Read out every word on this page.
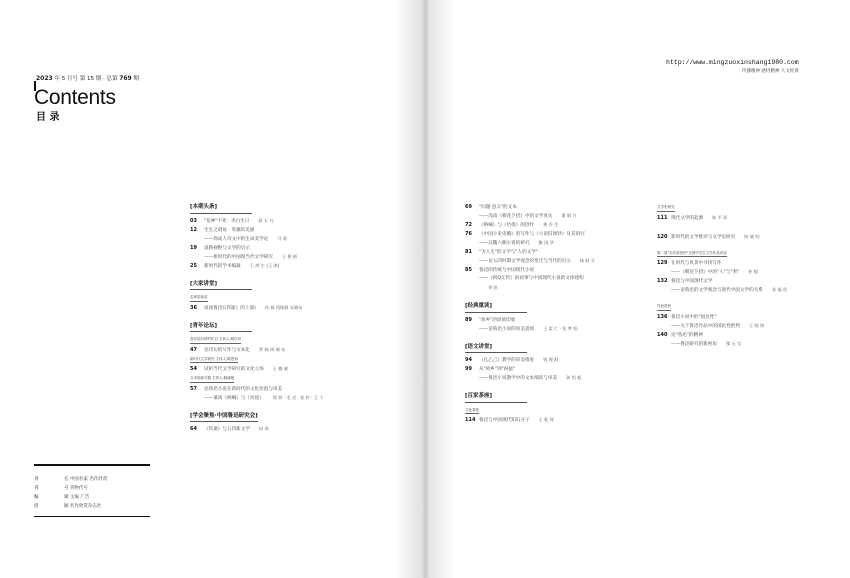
2023 年 5 月号 第 15 期 · 总第 769 期
Contents
目 录
[本期头条]
03	"花神"不死 · 李白生日 蒋 五 凡
12	生生之谓易 · 英雄的美感
——周成人诗文中的生命美学论 马 莉
19	道路视野与文学的启示
——新时代的中国现当代文学研究 王 彬 彬
25	新时代的学术编辑 王 鸿 生 (王 鸿)
[大家讲堂]
名家讲演录
36	谈谈鲁迅(《伤逝》的上部) 孙 郁 钱理群 吴晓东
[青年论坛]
青年论坛特约栏目 主持人:杨庆祥
47	论诗句的写作与文本化 罗 杨 周 瑞 东
新时代文学研究 主持人:陈思和
54	试析当代文学研究的文化立场 王 德 威
文本细读专题 主持人:陈晓明
57	论鲁迅小说在新时代的文化价值与审美
——兼谈《呐喊》与《彷徨》 徐 妍 · 毛 尖 · 张 柠 · 王 干
[学会聚焦·中国鲁迅研究会]
64	《伤逝》与五四新文学 何 鸿
刊	名 中国名家 名作欣赏
刊	号 刊物代号
编	辑 主编 广告
投	稿 名作欣赏杂志社
69	"问题·意义"的文本
——浅谈《朝花夕拾》中的文学真实 董 炳 月
72	《呐喊》与《彷徨》的创作 黄 乔 生
76	《中国小说史略》的写作与《小说旧闻钞》及其研究
——汉魏六朝小说的研究 鲍 国 华
81	"为人生"的文学与"人的文学"
——论五四时期文学观念的变迁与当代的启示 杨 联 芬
85	鲁迅的传统与中国现代小说
——《阿Q正传》的叙事与中国现代小说的文体建构
李 欧
[经典重读]
89	"故乡"的原始印象
——论鲁迅小说的审美意境 王 富 仁 · 张 梦 阳
[语文讲堂]
94	《孔乙己》教学的审美维度 钱 理 群
99	从"故乡"到"祝福"
——鲁迅小说教学中的文本细读与审美 孙 绍 振
[百家茶座]
文化茶座
114 鲁迅与中国现代知识分子 王 乾 坤
文学史研究
111 现代文学的起源 陈 平 原
120 新时代的文学批评与文学史研究 陈 晓 明
第二届"名作欣赏杯"全国中学生文学作品评选
129 在时代与风景中寻找写作
——《朝花夕拾》中的"人"与"事" 孙 郁
132 鲁迅与中国现代文学
——论鲁迅的文学观念与现代中国文学的关系 张 福 贵
作品赏析
136 鲁迅小说中的"国民性"
——关于鲁迅作品中的国民性批判 王 晓 明
140 论"鲁迅"的精神
——鲁迅研究的新视角 郜 元 宝
http://www.mingzuoxinshang1980.com
传播精神 感悟精神 人文经典
